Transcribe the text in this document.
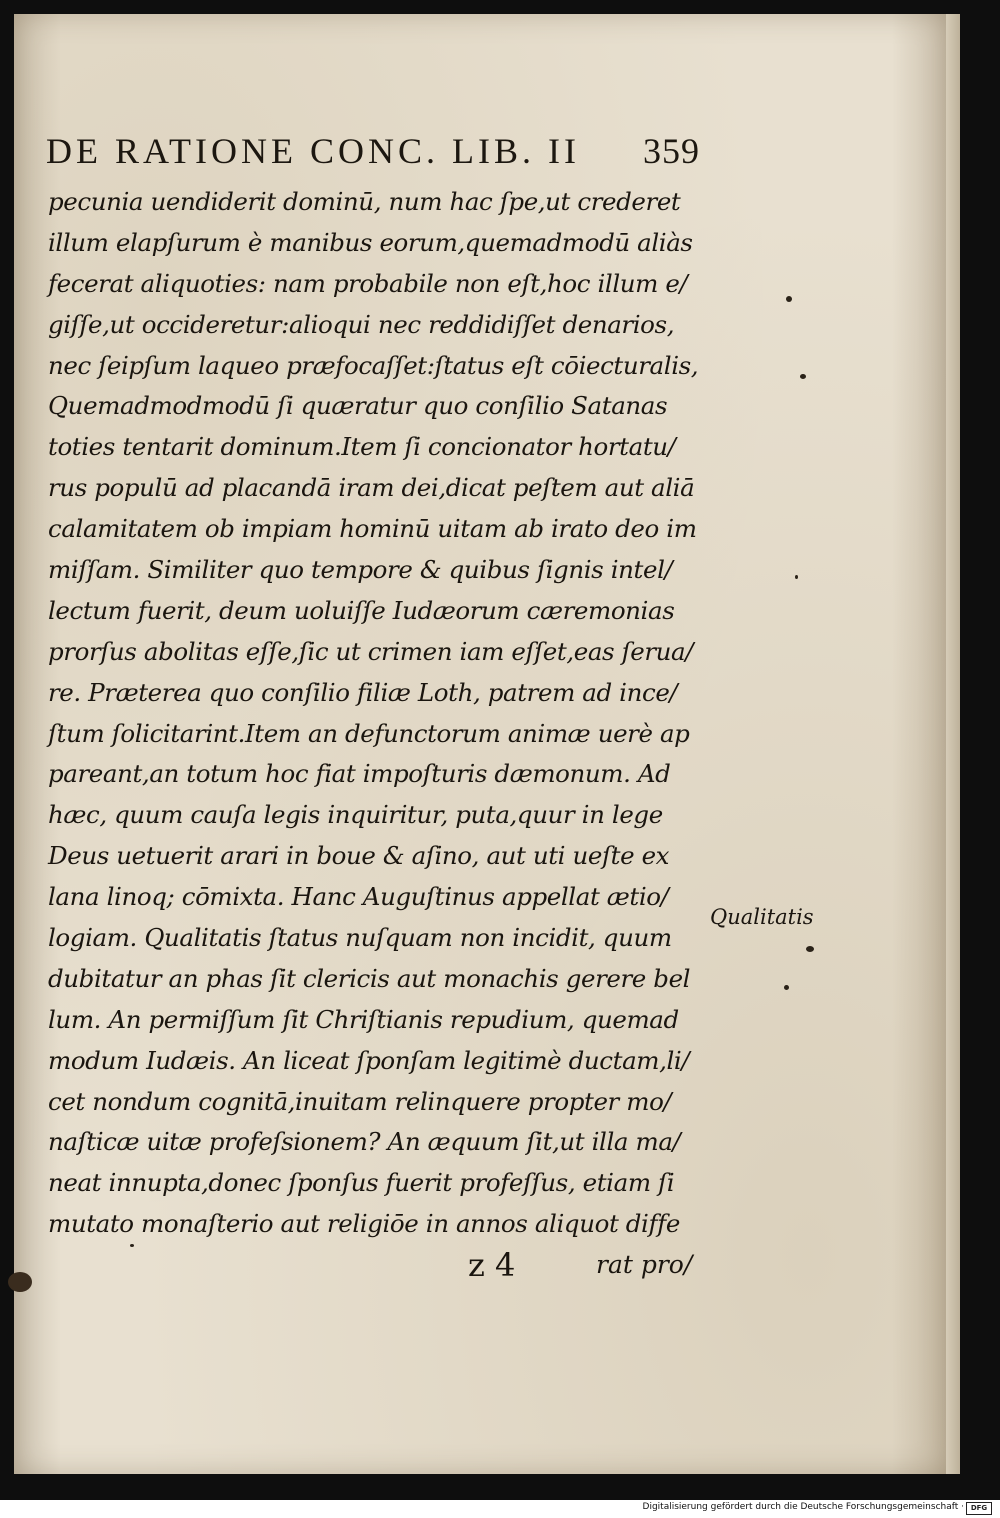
DE RATIONE CONC. LIB. II 359
pecunia uendiderit dominū, num hac ſpe,ut crederet
illum elapſurum è manibus eorum,quemadmodū aliàs
fecerat aliquoties: nam probabile non eſt,hoc illum e/
giſſe,ut occideretur:alioqui nec reddidiſſet denarios,
nec ſeipſum laqueo præfocaſſet:ſtatus eſt cōiecturalis,
Quemadmodmodū ſi quæratur quo conſilio Satanas
toties tentarit dominum.Item ſi concionator hortatu/
rus populū ad placandā iram dei,dicat peſtem aut aliā
calamitatem ob impiam hominū uitam ab irato deo im
miſſam. Similiter quo tempore & quibus ſignis intel/
lectum fuerit, deum uoluiſſe Iudæorum cæremonias
prorſus abolitas eſſe,ſic ut crimen iam eſſet,eas ſerua/
re. Præterea quo conſilio filiæ Loth, patrem ad ince/
ſtum ſolicitarint.Item an defunctorum animæ uerè ap
pareant,an totum hoc fiat impoſturis dæmonum. Ad
hæc, quum cauſa legis inquiritur, puta,quur in lege
Deus uetuerit arari in boue & aſino, aut uti ueſte ex
lana linoq; cōmixta. Hanc Auguſtinus appellat ætio/
logiam. Qualitatis ſtatus nuſquam non incidit, quum
dubitatur an phas ſit clericis aut monachis gerere bel
lum. An permiſſum ſit Chriſtianis repudium, quemad
modum Iudæis. An liceat ſponſam legitimè ductam,li/
cet nondum cognitā,inuitam relinquere propter mo/
naſticæ uitæ profeſsionem? An æquum ſit,ut illa ma/
neat innupta,donec ſponſus fuerit profeſſus, etiam ſi
mutato monaſterio aut religiōe in annos aliquot diffe
Qualitatis
z 4	rat pro/
Digitalisierung gefördert durch die Deutsche Forschungsgemeinschaft · DFG
